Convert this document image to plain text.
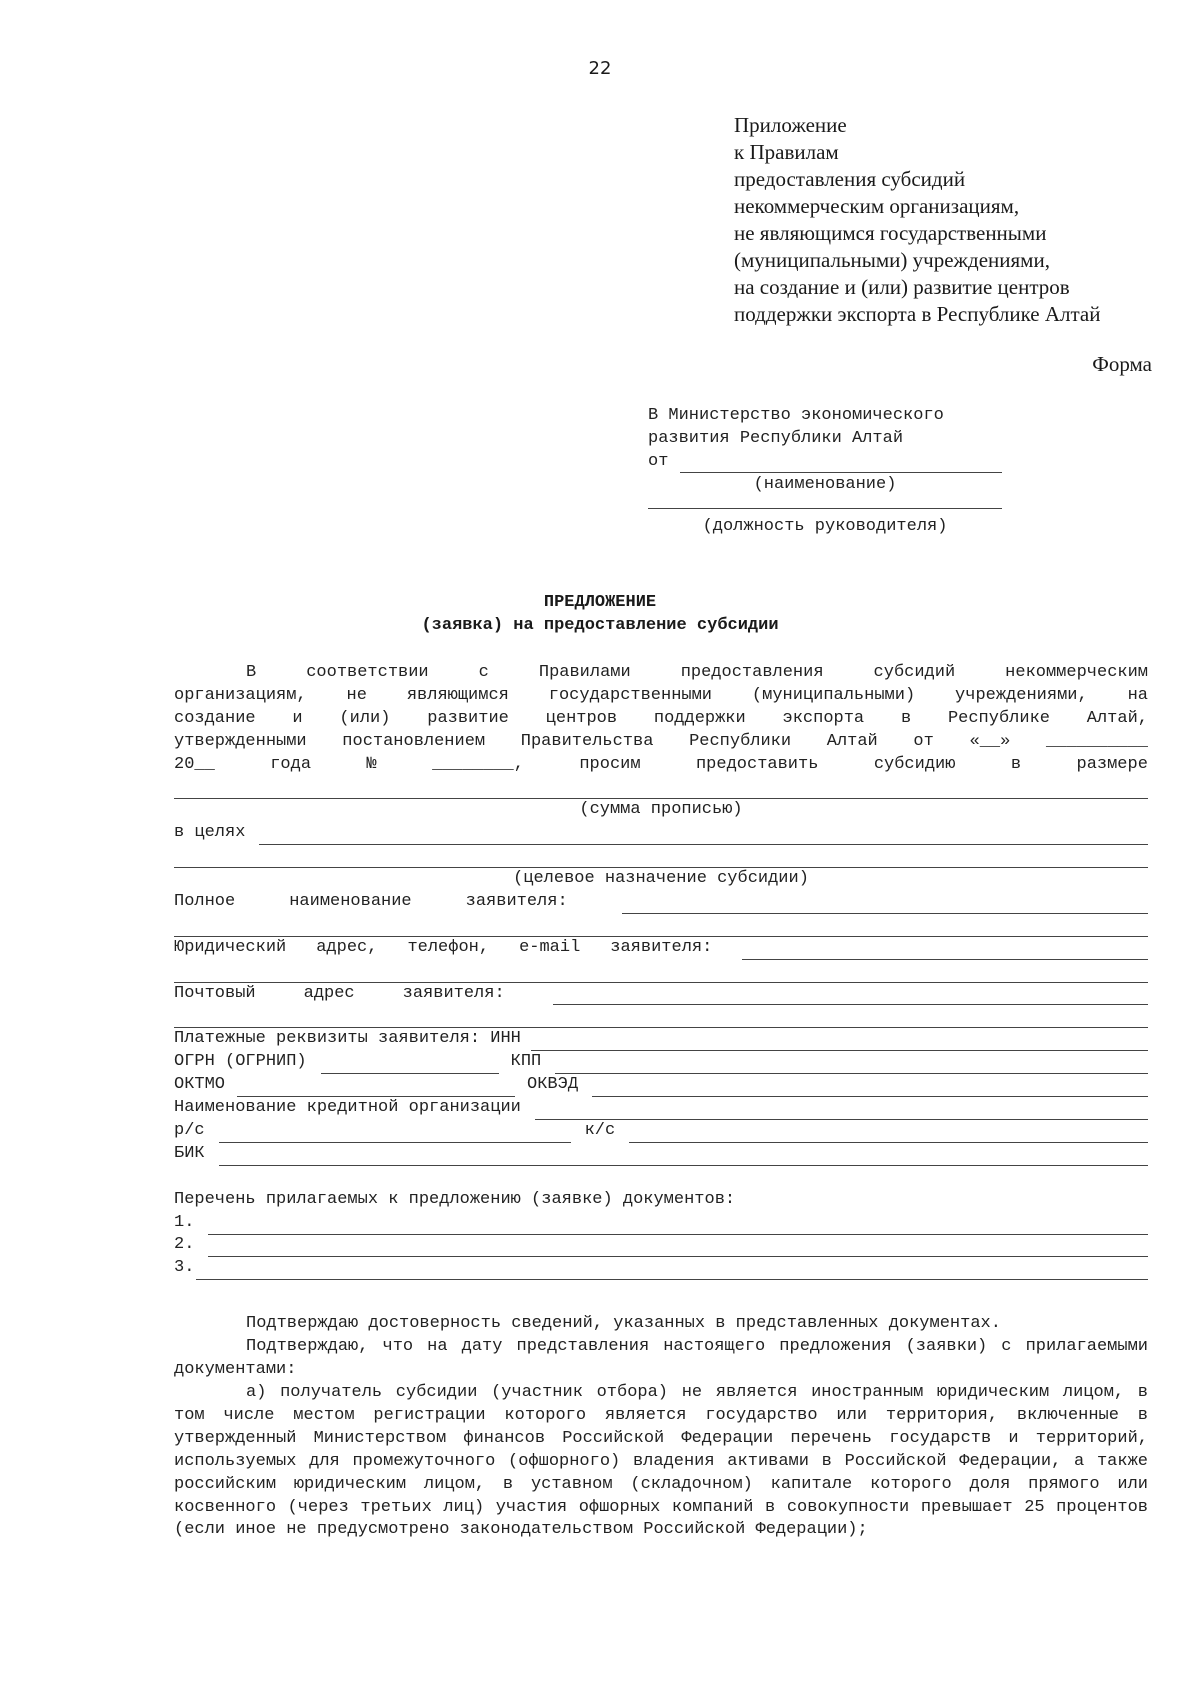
22
Приложение
к Правилам
предоставления субсидий
некоммерческим организациям,
не являющимся государственными
(муниципальными) учреждениями,
на создание и (или) развитие центров
поддержки экспорта в Республике Алтай
Форма
В Министерство экономического
развития Республики Алтай
от
(наименование)
(должность руководителя)
ПРЕДЛОЖЕНИЕ
(заявка) на предоставление субсидии
В соответствии с Правилами предоставления субсидий некоммерческим
организациям, не являющимся государственными (муниципальными) учреждениями, на
создание и (или) развитие центров поддержки экспорта в Республике Алтай,
утвержденными постановлением Правительства Республики Алтай от «__» __________
20__	года	№	________,	просим	предоставить	субсидию	в	размере
(сумма прописью)
в целях
(целевое назначение субсидии)
Полное	наименование	заявителя:
Юридический адрес, телефон, e-mail заявителя:
Почтовый	адрес	заявителя:
Платежные реквизиты заявителя: ИНН
ОГРН (ОГРНИП)	КПП
ОКТМО	ОКВЭД
Наименование кредитной организации
р/с	к/с
БИК
Перечень прилагаемых к предложению (заявке) документов:
1.
2.
3.
Подтверждаю достоверность сведений, указанных в представленных документах.
Подтверждаю, что на дату представления настоящего предложения (заявки) с прилагаемыми документами:
а) получатель субсидии (участник отбора) не является иностранным юридическим лицом, в том числе местом регистрации которого является государство или территория, включенные в утвержденный Министерством финансов Российской Федерации перечень государств и территорий, используемых для промежуточного (офшорного) владения активами в Российской Федерации, а также российским юридическим лицом, в уставном (складочном) капитале которого доля прямого или косвенного (через третьих лиц) участия офшорных компаний в совокупности превышает 25 процентов (если иное не предусмотрено законодательством Российской Федерации);
